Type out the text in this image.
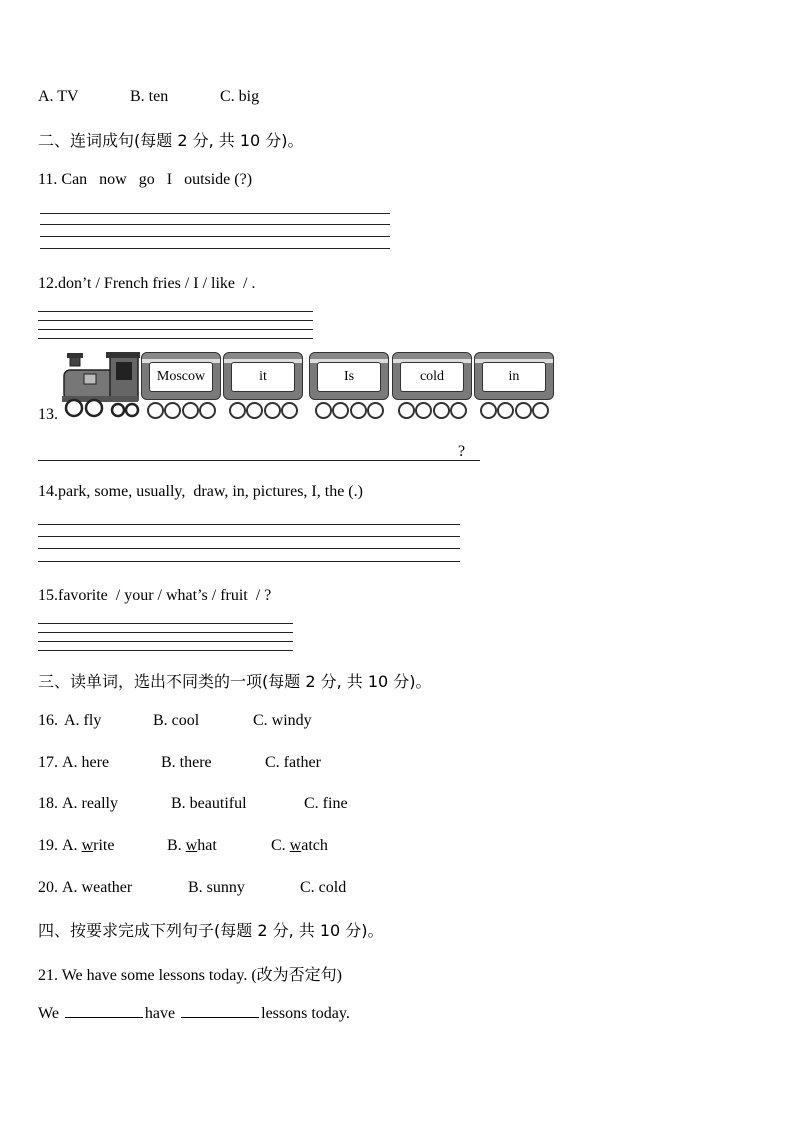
A. TV	B. ten	C. big
二、连词成句(每题 2 分, 共 10 分)。
11. Can   now   go   I   outside (?)
12.don’t / French fries / I / like  / .
13.
Moscow	it	Is	cold	in
?
14.park, some, usually,  draw, in, pictures, I, the (.)
15.favorite  / your / what’s / fruit  / ?
三、读单词，选出不同类的一项(每题 2 分, 共 10 分)。
16. A. fly	B. cool	C. windy
17. A. here	B. there	C. father
18. A. really	B. beautiful	C. fine
19. A. write	B. what	C. watch
20. A. weather	B. sunny	C. cold
四、按要求完成下列句子(每题 2 分, 共 10 分)。
21. We have some lessons today. (改为否定句)
We	have	lessons today.
